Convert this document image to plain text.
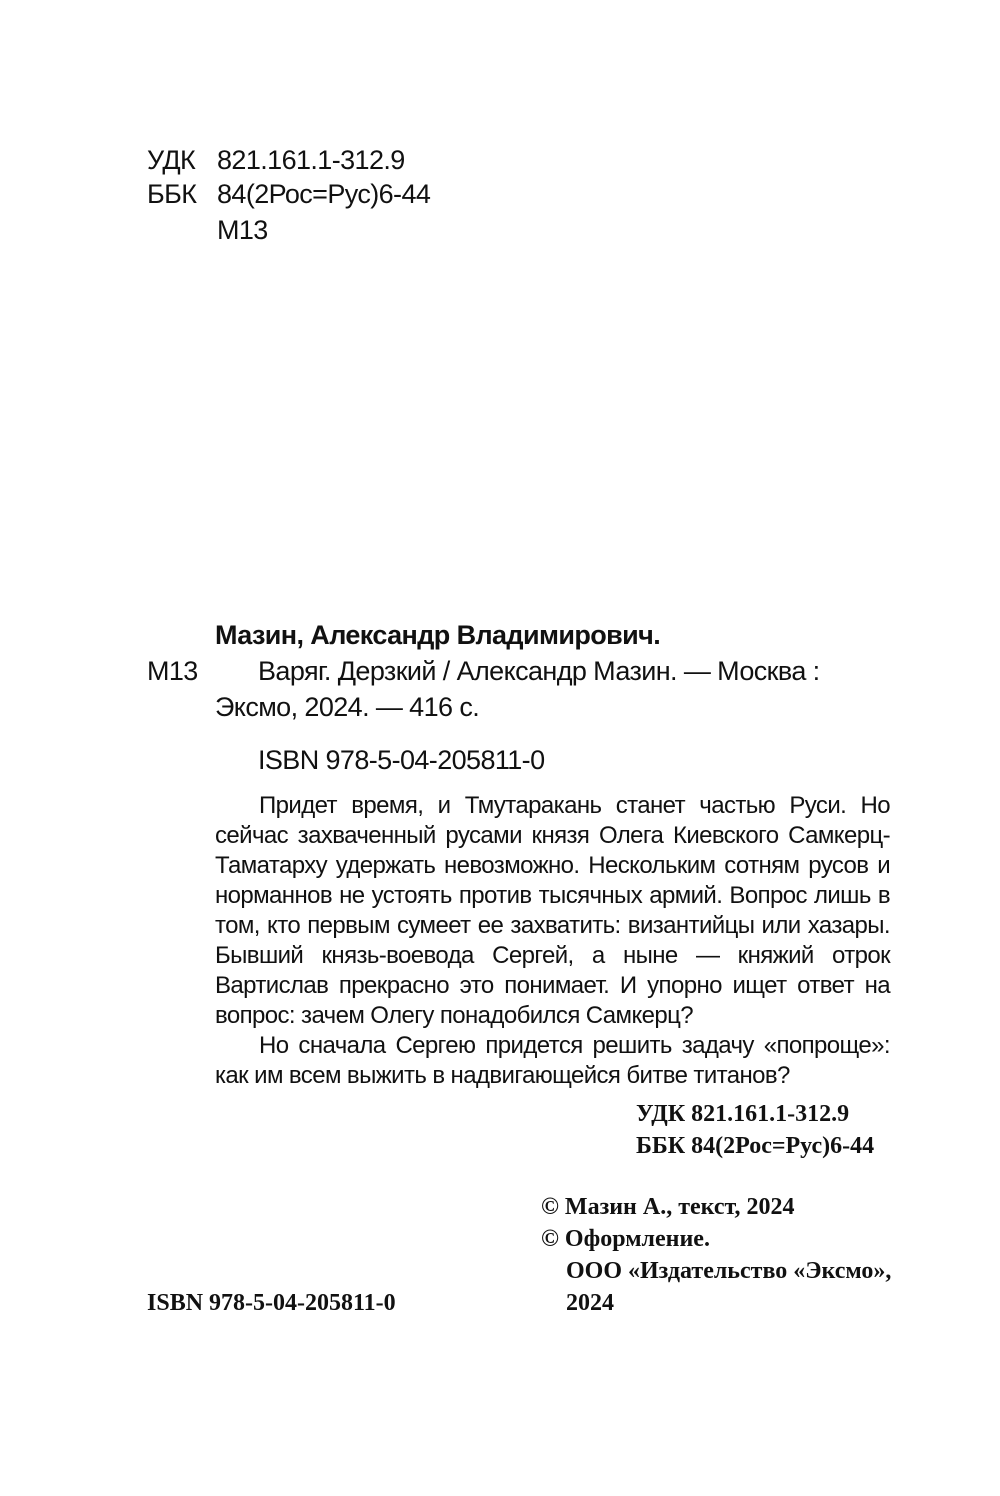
УДК 821.161.1-312.9
ББК 84(2Рос=Рус)6-44
М13
Мазин, Александр Владимирович.
М13 Варяг. Дерзкий / Александр Мазин. — Москва :
Эксмо, 2024. — 416 с.
ISBN 978-5-04-205811-0

Придет время, и Тмутаракань станет частью Руси. Но сейчас захваченный русами князя Олега Киевского Самкерц-Таматарху удержать невозможно. Нескольким сотням русов и норманнов не устоять против тысячных армий. Вопрос лишь в том, кто первым сумеет ее захватить: византийцы или хазары. Бывший князь-воевода Сергей, а ныне — княжий отрок Вартислав прекрасно это понимает. И упорно ищет ответ на вопрос: зачем Олегу понадобился Самкерц?

Но сначала Сергею придется решить задачу «попроще»: как им всем выжить в надвигающейся битве титанов?

УДК 821.161.1-312.9
ББК 84(2Рос=Рус)6-44
© Мазин А., текст, 2024
© Оформление.
ООО «Издательство «Эксмо»,
2024
ISBN 978-5-04-205811-0
